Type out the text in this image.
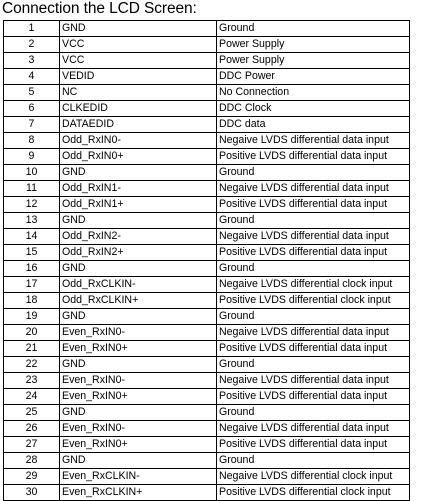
Connection the LCD Screen:
1	GND	Ground
2	VCC	Power Supply
3	VCC	Power Supply
4	VEDID	DDC Power
5	NC	No Connection
6	CLKEDID	DDC Clock
7	DATAEDID	DDC data
8	Odd_RxIN0-	Negaive LVDS differential data input
9	Odd_RxIN0+	Positive LVDS differential data input
10	GND	Ground
11	Odd_RxIN1-	Negaive LVDS differential data input
12	Odd_RxIN1+	Positive LVDS differential data input
13	GND	Ground
14	Odd_RxIN2-	Negaive LVDS differential data input
15	Odd_RxIN2+	Positive LVDS differential data input
16	GND	Ground
17	Odd_RxCLKIN-	Negaive LVDS differential clock input
18	Odd_RxCLKIN+	Positive LVDS differential clock input
19	GND	Ground
20	Even_RxIN0-	Negaive LVDS differential data input
21	Even_RxIN0+	Positive LVDS differential data input
22	GND	Ground
23	Even_RxIN0-	Negaive LVDS differential data input
24	Even_RxIN0+	Positive LVDS differential data input
25	GND	Ground
26	Even_RxIN0-	Negaive LVDS differential data input
27	Even_RxIN0+	Positive LVDS differential data input
28	GND	Ground
29	Even_RxCLKIN-	Negaive LVDS differential clock input
30	Even_RxCLKIN+	Positive LVDS differential clock input
